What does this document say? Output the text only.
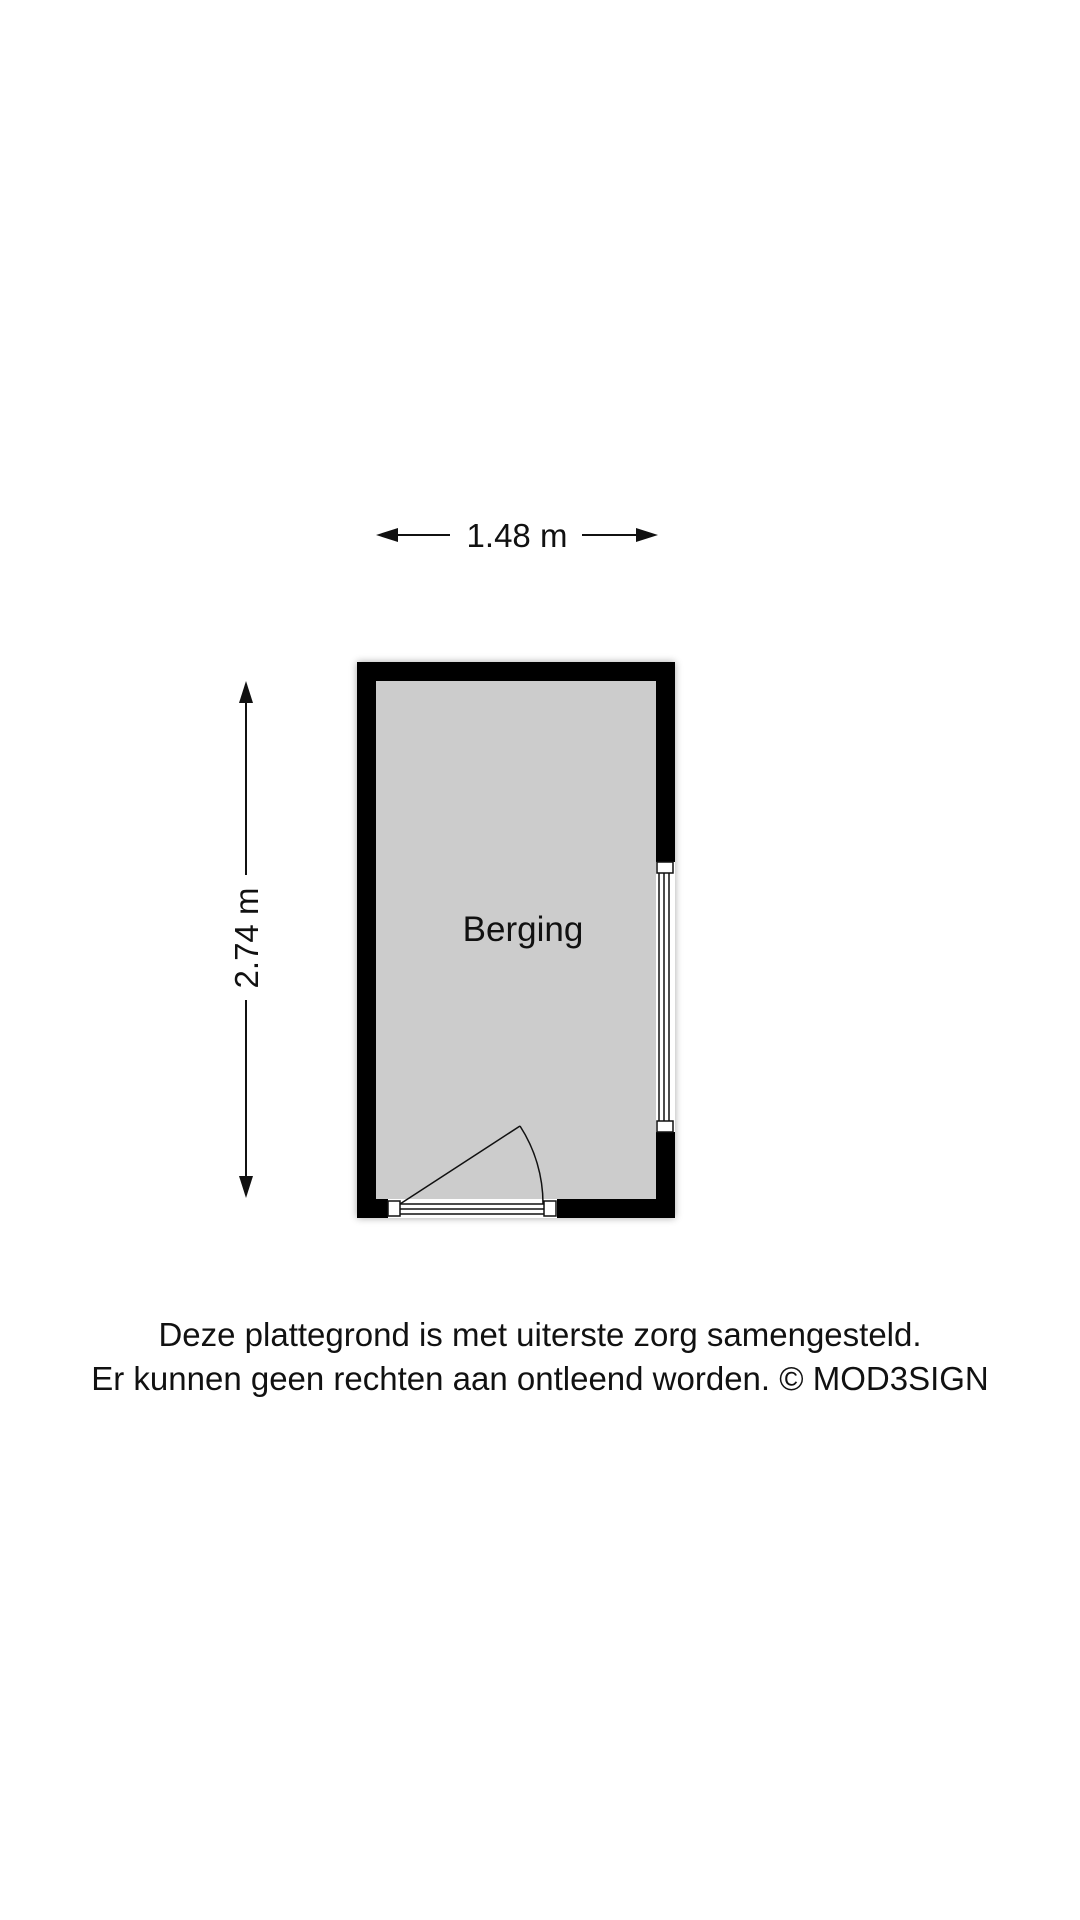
1.48 m
2.74 m	Berging
Deze plattegrond is met uiterste zorg samengesteld.
Er kunnen geen rechten aan ontleend worden. © MOD3SIGN
